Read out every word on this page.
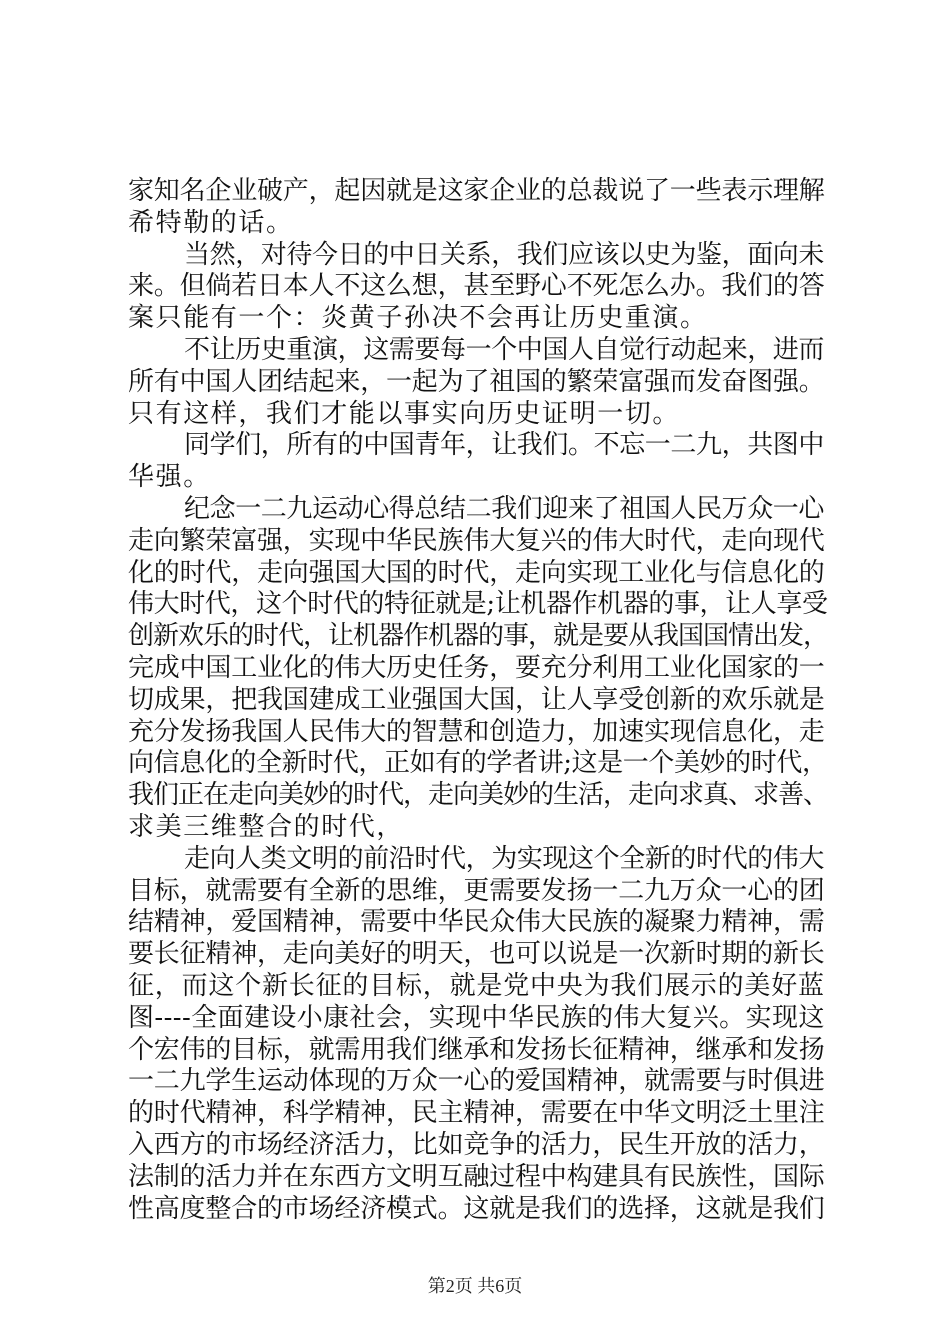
家知名企业破产，起因就是这家企业的总裁说了一些表示理解
希特勒的话。
当然，对待今日的中日关系，我们应该以史为鉴，面向未
来。但倘若日本人不这么想，甚至野心不死怎么办。我们的答
案只能有一个：炎黄子孙决不会再让历史重演。
不让历史重演，这需要每一个中国人自觉行动起来，进而
所有中国人团结起来，一起为了祖国的繁荣富强而发奋图强。
只有这样，我们才能以事实向历史证明一切。
同学们，所有的中国青年，让我们。不忘一二九，共图中
华强。
纪念一二九运动心得总结二我们迎来了祖国人民万众一心
走向繁荣富强，实现中华民族伟大复兴的伟大时代，走向现代
化的时代，走向强国大国的时代，走向实现工业化与信息化的
伟大时代，这个时代的特征就是;让机器作机器的事，让人享受
创新欢乐的时代，让机器作机器的事，就是要从我国国情出发，
完成中国工业化的伟大历史任务，要充分利用工业化国家的一
切成果，把我国建成工业强国大国，让人享受创新的欢乐就是
充分发扬我国人民伟大的智慧和创造力，加速实现信息化，走
向信息化的全新时代，正如有的学者讲;这是一个美妙的时代，
我们正在走向美妙的时代，走向美妙的生活，走向求真、求善、
求美三维整合的时代，
走向人类文明的前沿时代，为实现这个全新的时代的伟大
目标，就需要有全新的思维，更需要发扬一二九万众一心的团
结精神，爱国精神，需要中华民众伟大民族的凝聚力精神，需
要长征精神，走向美好的明天，也可以说是一次新时期的新长
征，而这个新长征的目标，就是党中央为我们展示的美好蓝
图----全面建设小康社会，实现中华民族的伟大复兴。实现这
个宏伟的目标，就需用我们继承和发扬长征精神，继承和发扬
一二九学生运动体现的万众一心的爱国精神，就需要与时俱进
的时代精神，科学精神，民主精神，需要在中华文明泛土里注
入西方的市场经济活力，比如竞争的活力，民生开放的活力，
法制的活力并在东西方文明互融过程中构建具有民族性，国际
性高度整合的市场经济模式。这就是我们的选择，这就是我们
第2页 共6页
